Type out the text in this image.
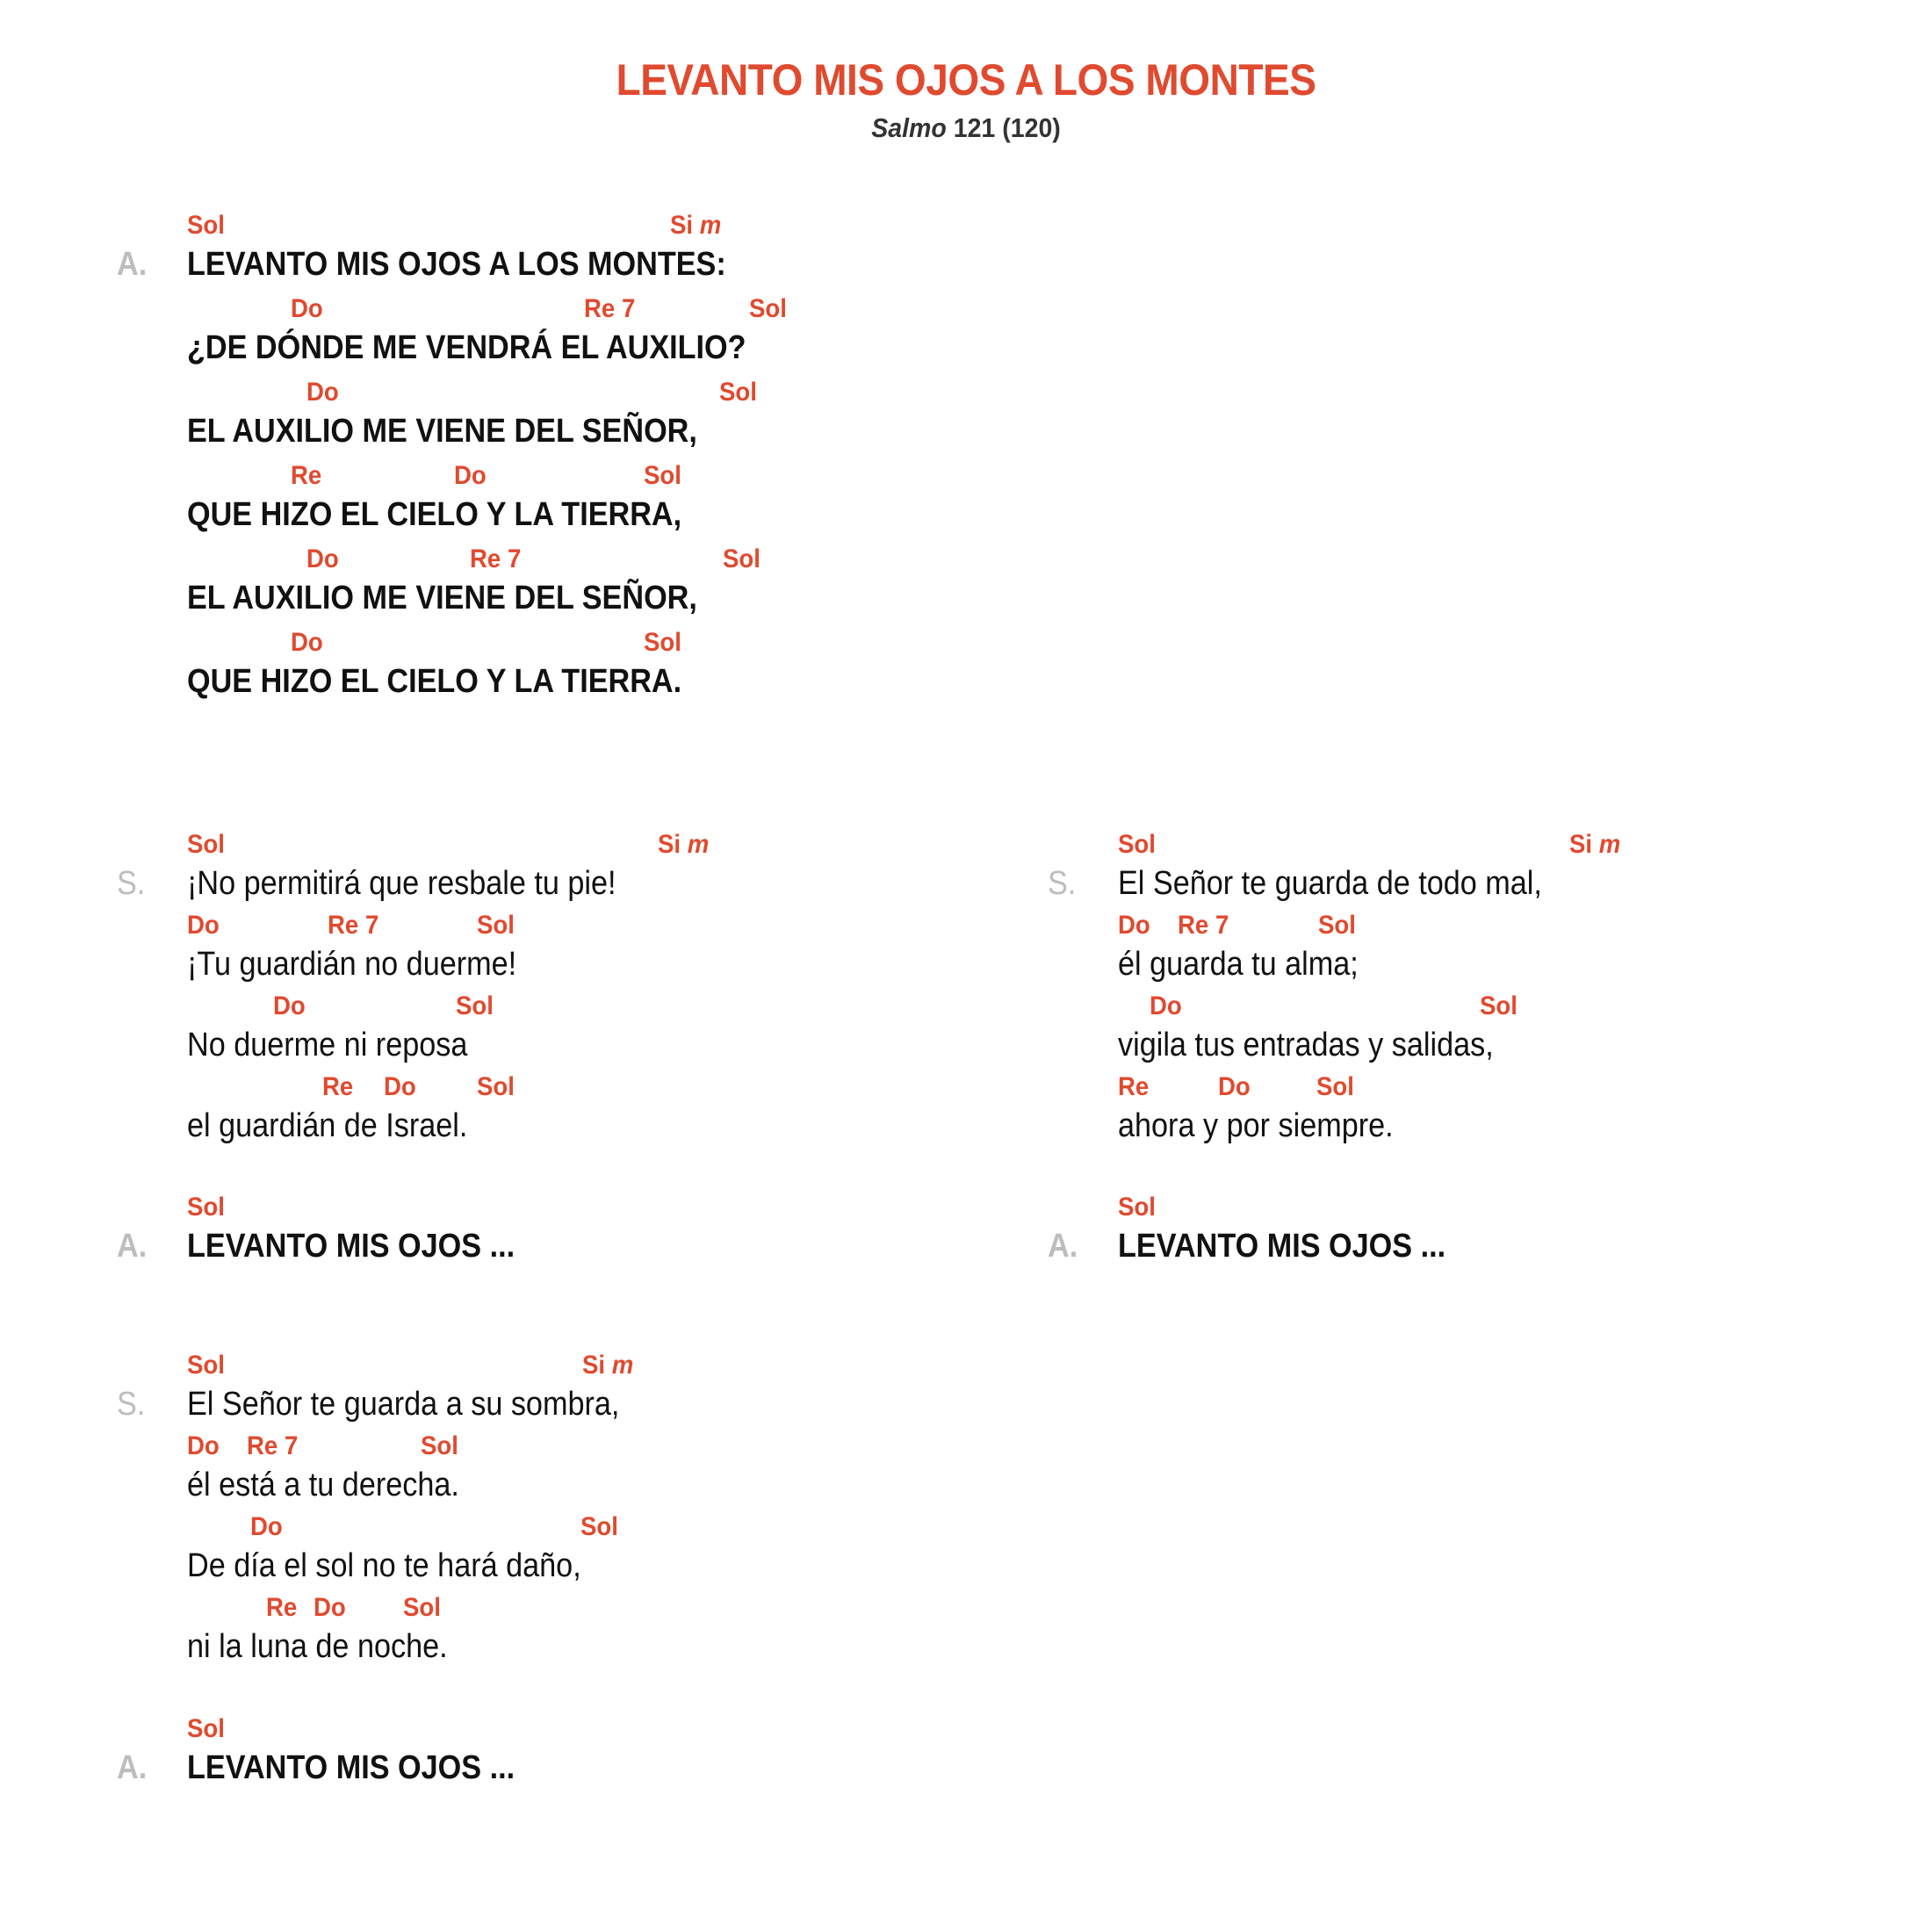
LEVANTO MIS OJOS A LOS MONTES
Salmo 121 (120)
A.
Sol	Si m
LEVANTO MIS OJOS A LOS MONTES:
Do	Re 7	Sol
¿DE DÓNDE ME VENDRÁ EL AUXILIO?
Do	Sol
EL AUXILIO ME VIENE DEL SEÑOR,
Re	Do	Sol
QUE HIZO EL CIELO Y LA TIERRA,
Do	Re 7	Sol
EL AUXILIO ME VIENE DEL SEÑOR,
Do	Sol
QUE HIZO EL CIELO Y LA TIERRA.
S.
Sol	Si m
¡No permitirá que resbale tu pie!
Do	Re 7	Sol
¡Tu guardián no duerme!
Do	Sol
No duerme ni reposa
Re Do Sol
el guardián de Israel.
A.
Sol
LEVANTO MIS OJOS ...
S.
Sol	Si m
El Señor te guarda de todo mal,
Do Re 7	Sol
él guarda tu alma;
Do	Sol
vigila tus entradas y salidas,
Re	Do	Sol
ahora y por siempre.
A.
Sol
LEVANTO MIS OJOS ...
S.
Sol	Si m
El Señor te guarda a su sombra,
Do Re 7	Sol
él está a tu derecha.
Do	Sol
De día el sol no te hará daño,
Re Do Sol
ni la luna de noche.
A.
Sol
LEVANTO MIS OJOS ...
